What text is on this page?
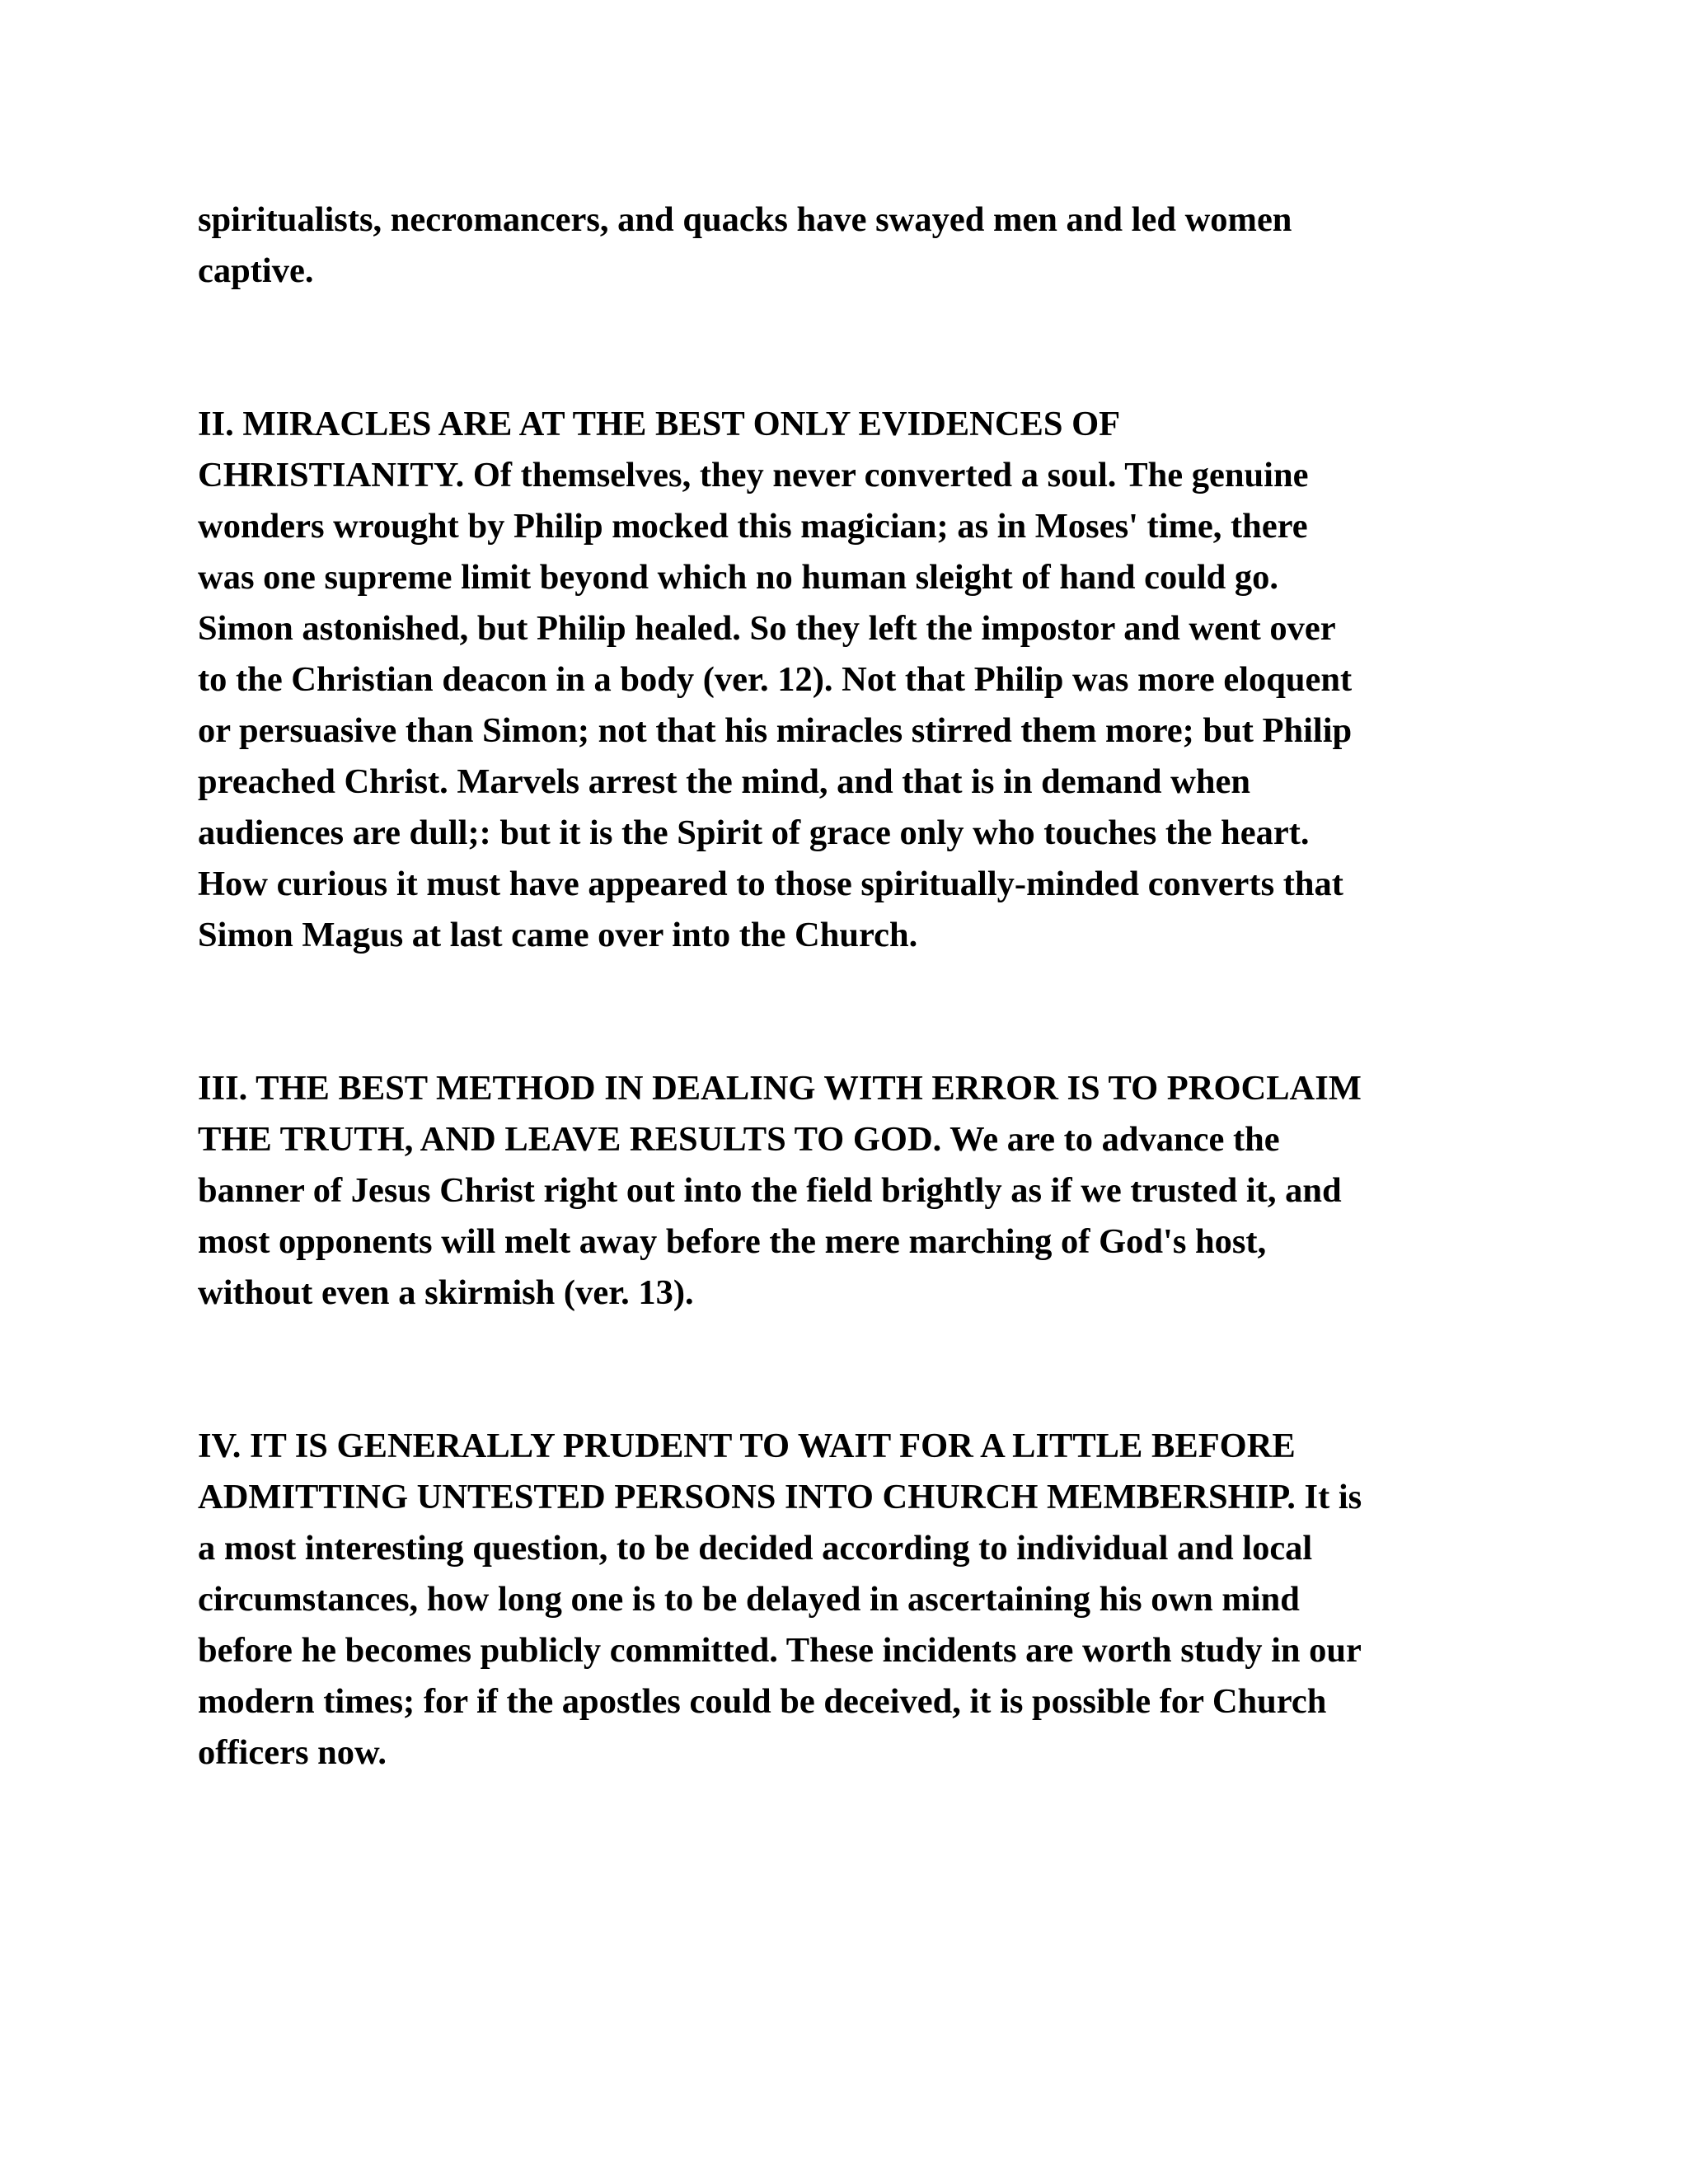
spiritualists, necromancers, and quacks have swayed men and led women
captive.

II. MIRACLES ARE AT THE BEST ONLY EVIDENCES OF
CHRISTIANITY. Of themselves, they never converted a soul. The genuine
wonders wrought by Philip mocked this magician; as in Moses' time, there
was one supreme limit beyond which no human sleight of hand could go.
Simon astonished, but Philip healed. So they left the impostor and went over
to the Christian deacon in a body (ver. 12). Not that Philip was more eloquent
or persuasive than Simon; not that his miracles stirred them more; but Philip
preached Christ. Marvels arrest the mind, and that is in demand when
audiences are dull;: but it is the Spirit of grace only who touches the heart.
How curious it must have appeared to those spiritually-minded converts that
Simon Magus at last came over into the Church.

III. THE BEST METHOD IN DEALING WITH ERROR IS TO PROCLAIM
THE TRUTH, AND LEAVE RESULTS TO GOD. We are to advance the
banner of Jesus Christ right out into the field brightly as if we trusted it, and
most opponents will melt away before the mere marching of God's host,
without even a skirmish (ver. 13).

IV. IT IS GENERALLY PRUDENT TO WAIT FOR A LITTLE BEFORE
ADMITTING UNTESTED PERSONS INTO CHURCH MEMBERSHIP. It is
a most interesting question, to be decided according to individual and local
circumstances, how long one is to be delayed in ascertaining his own mind
before he becomes publicly committed. These incidents are worth study in our
modern times; for if the apostles could be deceived, it is possible for Church
officers now.
